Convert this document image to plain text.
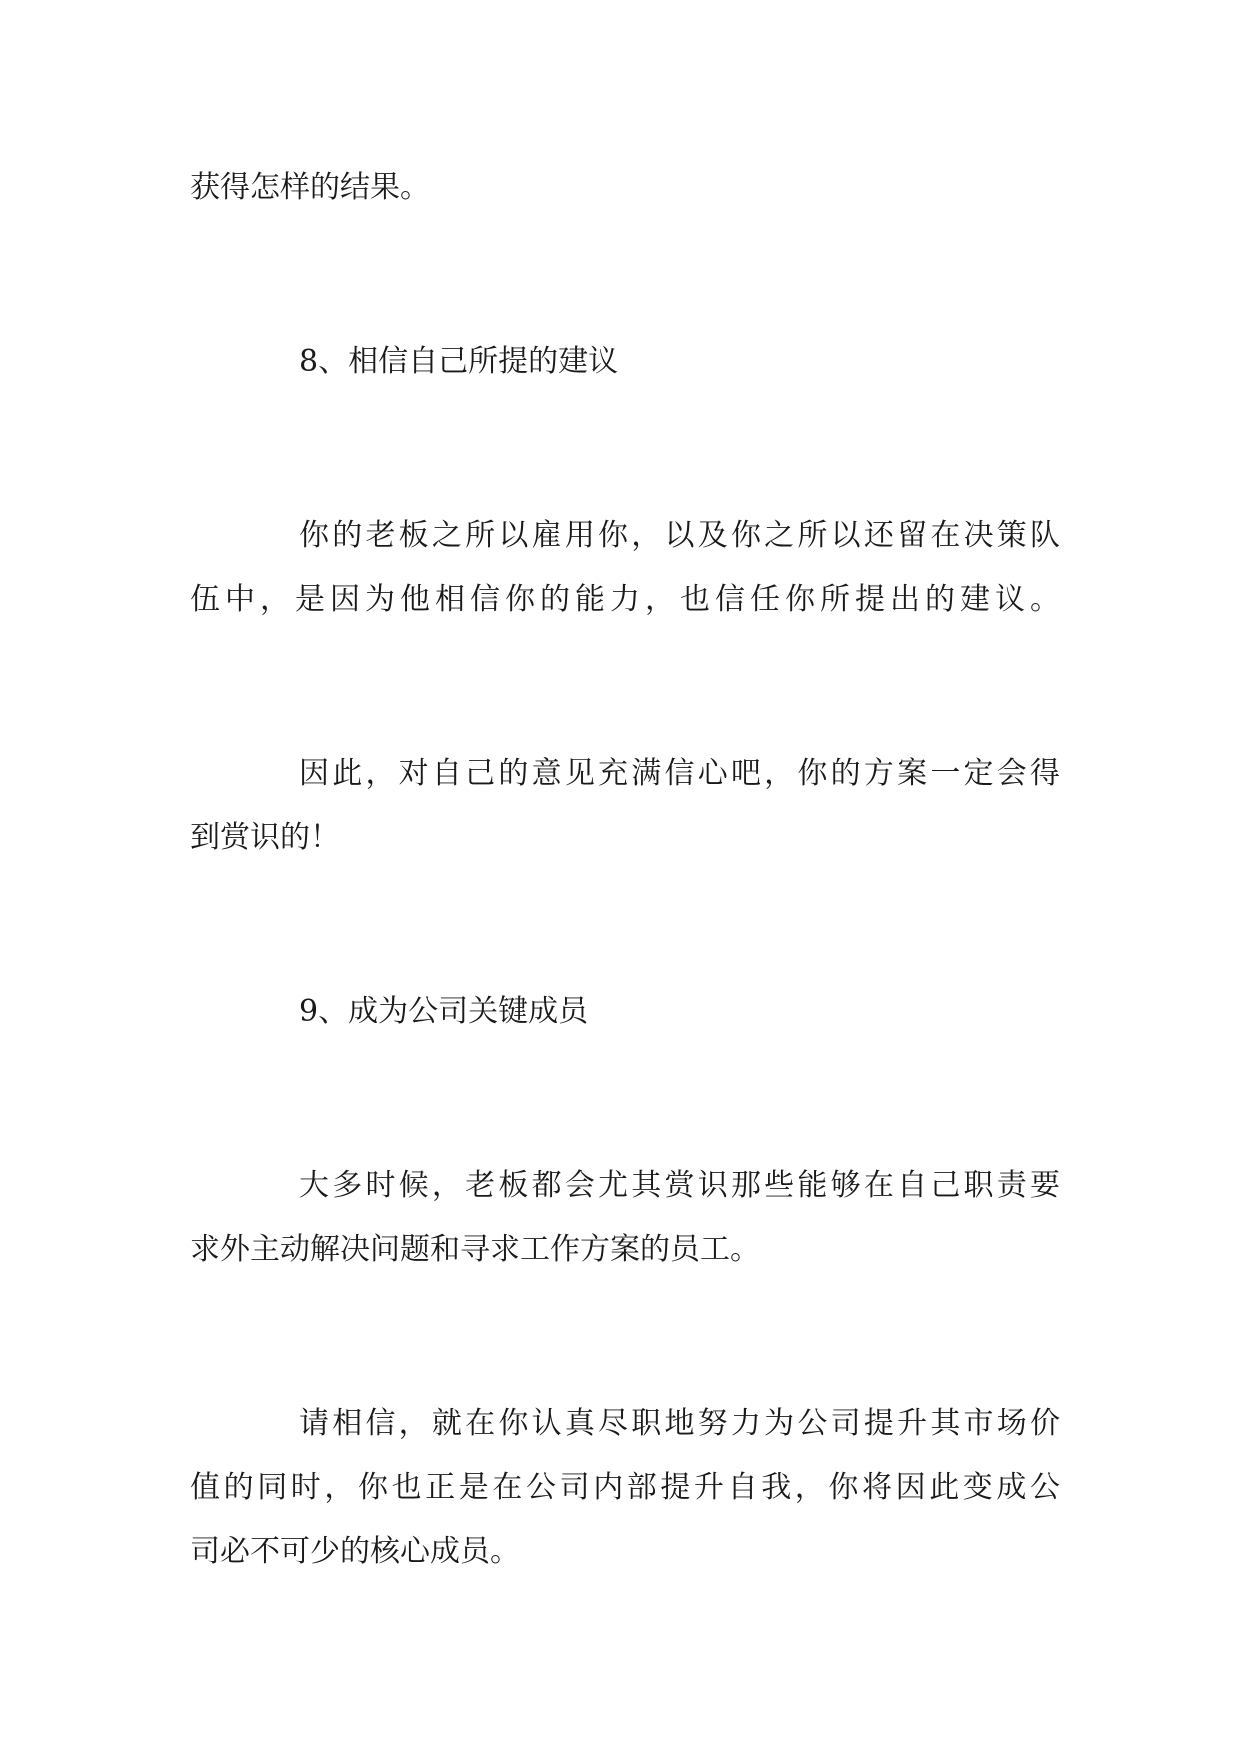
获得怎样的结果。

8、相信自己所提的建议

你的老板之所以雇用你，以及你之所以还留在决策队

伍中，是因为他相信你的能力，也信任你所提出的建议。

因此，对自己的意见充满信心吧，你的方案一定会得

到赏识的！

9、成为公司关键成员

大多时候，老板都会尤其赏识那些能够在自己职责要

求外主动解决问题和寻求工作方案的员工。

请相信，就在你认真尽职地努力为公司提升其市场价

值的同时，你也正是在公司内部提升自我，你将因此变成公

司必不可少的核心成员。
